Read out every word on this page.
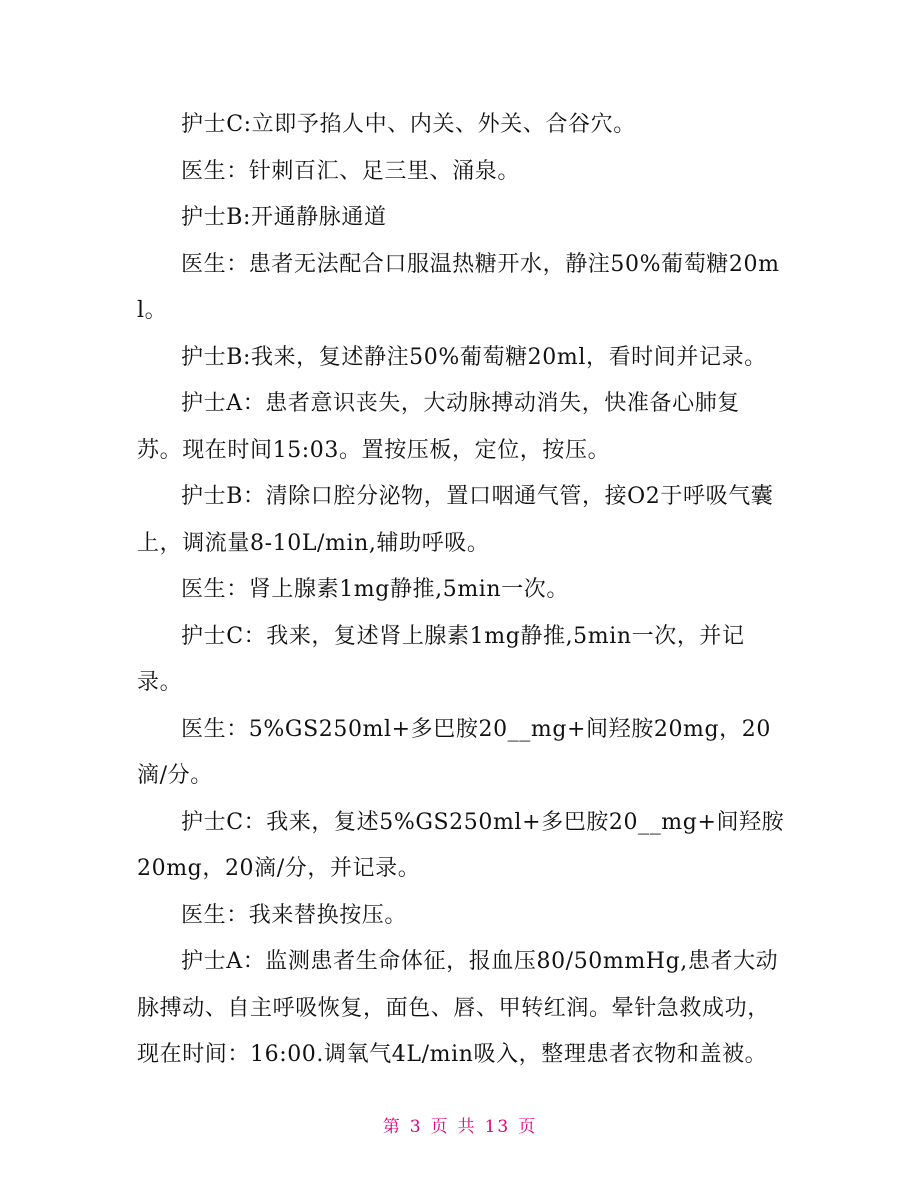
护士C:立即予掐人中、内关、外关、合谷穴。

医生：针刺百汇、足三里、涌泉。

护士B:开通静脉通道

医生：患者无法配合口服温热糖开水，静注50%葡萄糖20ml。

护士B:我来，复述静注50%葡萄糖20ml，看时间并记录。

护士A：患者意识丧失，大动脉搏动消失，快准备心肺复苏。现在时间15:03。置按压板，定位，按压。

护士B：清除口腔分泌物，置口咽通气管，接O2于呼吸气囊上，调流量8-10L/min,辅助呼吸。

医生：肾上腺素1mg静推,5min一次。

护士C：我来，复述肾上腺素1mg静推,5min一次，并记录。

医生：5%GS250ml+多巴胺20__mg+间羟胺20mg，20滴/分。

护士C：我来，复述5%GS250ml+多巴胺20__mg+间羟胺20mg，20滴/分，并记录。

医生：我来替换按压。

护士A：监测患者生命体征，报血压80/50mmHg,患者大动脉搏动、自主呼吸恢复，面色、唇、甲转红润。晕针急救成功，现在时间：16:00.调氧气4L/min吸入，整理患者衣物和盖被。

第 3 页 共 13 页
